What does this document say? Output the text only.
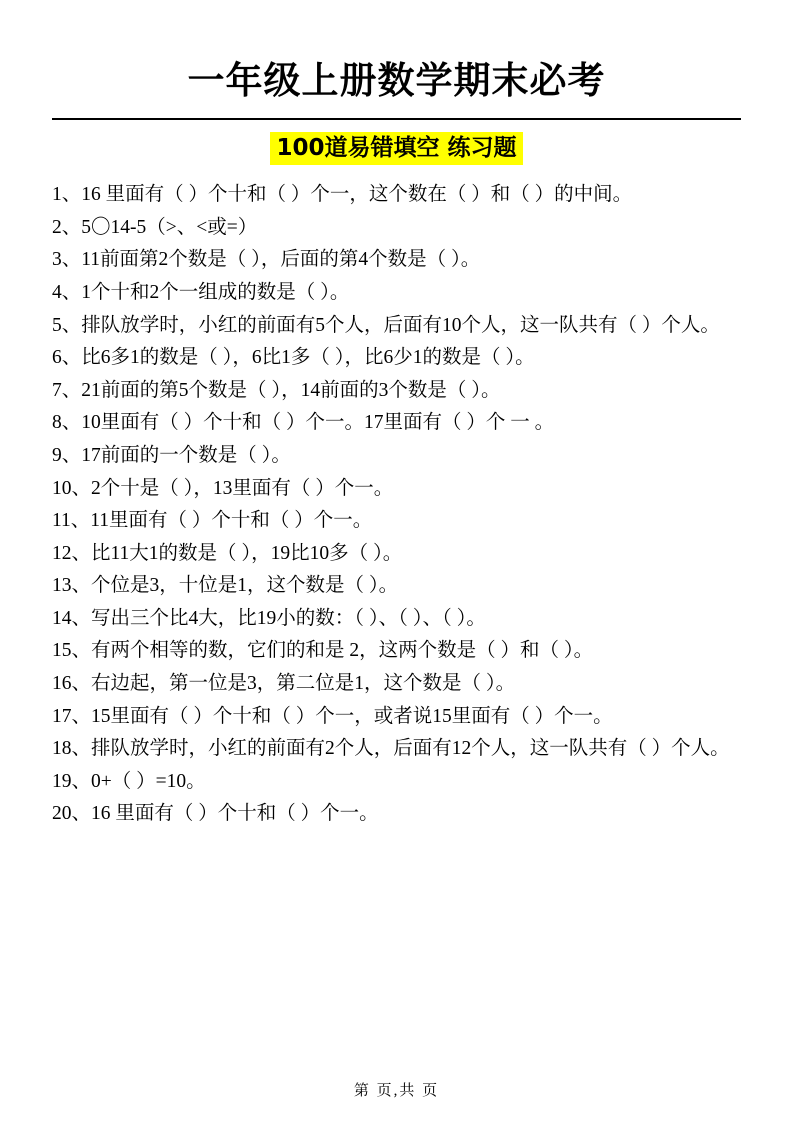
一年级上册数学期末必考
100道易错填空 练习题
1、16 里面有（ ）个十和（ ）个一，这个数在（ ）和（ ）的中间。
2、5〇14-5（>、<或=）
3、11前面第2个数是（ ），后面的第4个数是（ ）。
4、1个十和2个一组成的数是（ ）。
5、排队放学时，小红的前面有5个人，后面有10个人，这一队共有（ ）个人。
6、比6多1的数是（ ），6比1多（ ），比6少1的数是（ ）。
7、21前面的第5个数是（ ），14前面的3个数是（ ）。
8、10里面有（ ）个十和（ ）个一。17里面有（ ）个 一 。
9、17前面的一个数是（ ）。
10、2个十是（ ），13里面有（ ）个一。
11、11里面有（ ）个十和（ ）个一。
12、比11大1的数是（ ），19比10多（ ）。
13、个位是3，十位是1，这个数是（ ）。
14、写出三个比4大，比19小的数：（ ）、（ ）、（ ）。
15、有两个相等的数，它们的和是 2，这两个数是（ ）和（ ）。
16、右边起，第一位是3，第二位是1，这个数是（ ）。
17、15里面有（ ）个十和（ ）个一，或者说15里面有（ ）个一。
18、排队放学时，小红的前面有2个人，后面有12个人，这一队共有（ ）个人。
19、0+（ ）=10。
20、16 里面有（ ）个十和（ ）个一。
第 页,共 页
